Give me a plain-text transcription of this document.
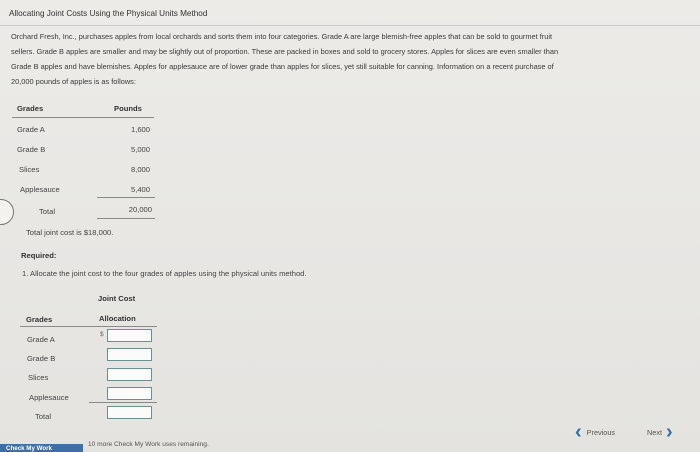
Allocating Joint Costs Using the Physical Units Method
Orchard Fresh, Inc., purchases apples from local orchards and sorts them into four categories. Grade A are large blemish-free apples that can be sold to gourmet fruit
sellers. Grade B apples are smaller and may be slightly out of proportion. These are packed in boxes and sold to grocery stores. Apples for slices are even smaller than
Grade B apples and have blemishes. Apples for applesauce are of lower grade than apples for slices, yet still suitable for canning. Information on a recent purchase of
20,000 pounds of apples is as follows:
Grades	Pounds
Grade A	1,600
Grade B	5,000
Slices	8,000
Applesauce	5,400
Total	20,000
Total joint cost is $18,000.
Required:
1. Allocate the joint cost to the four grades of apples using the physical units method.
Joint Cost
Grades	Allocation
Grade A
Grade B
Slices
Applesauce
Total
$
Check My Work
10 more Check My Work uses remaining.
‹ Previous	Next ›
